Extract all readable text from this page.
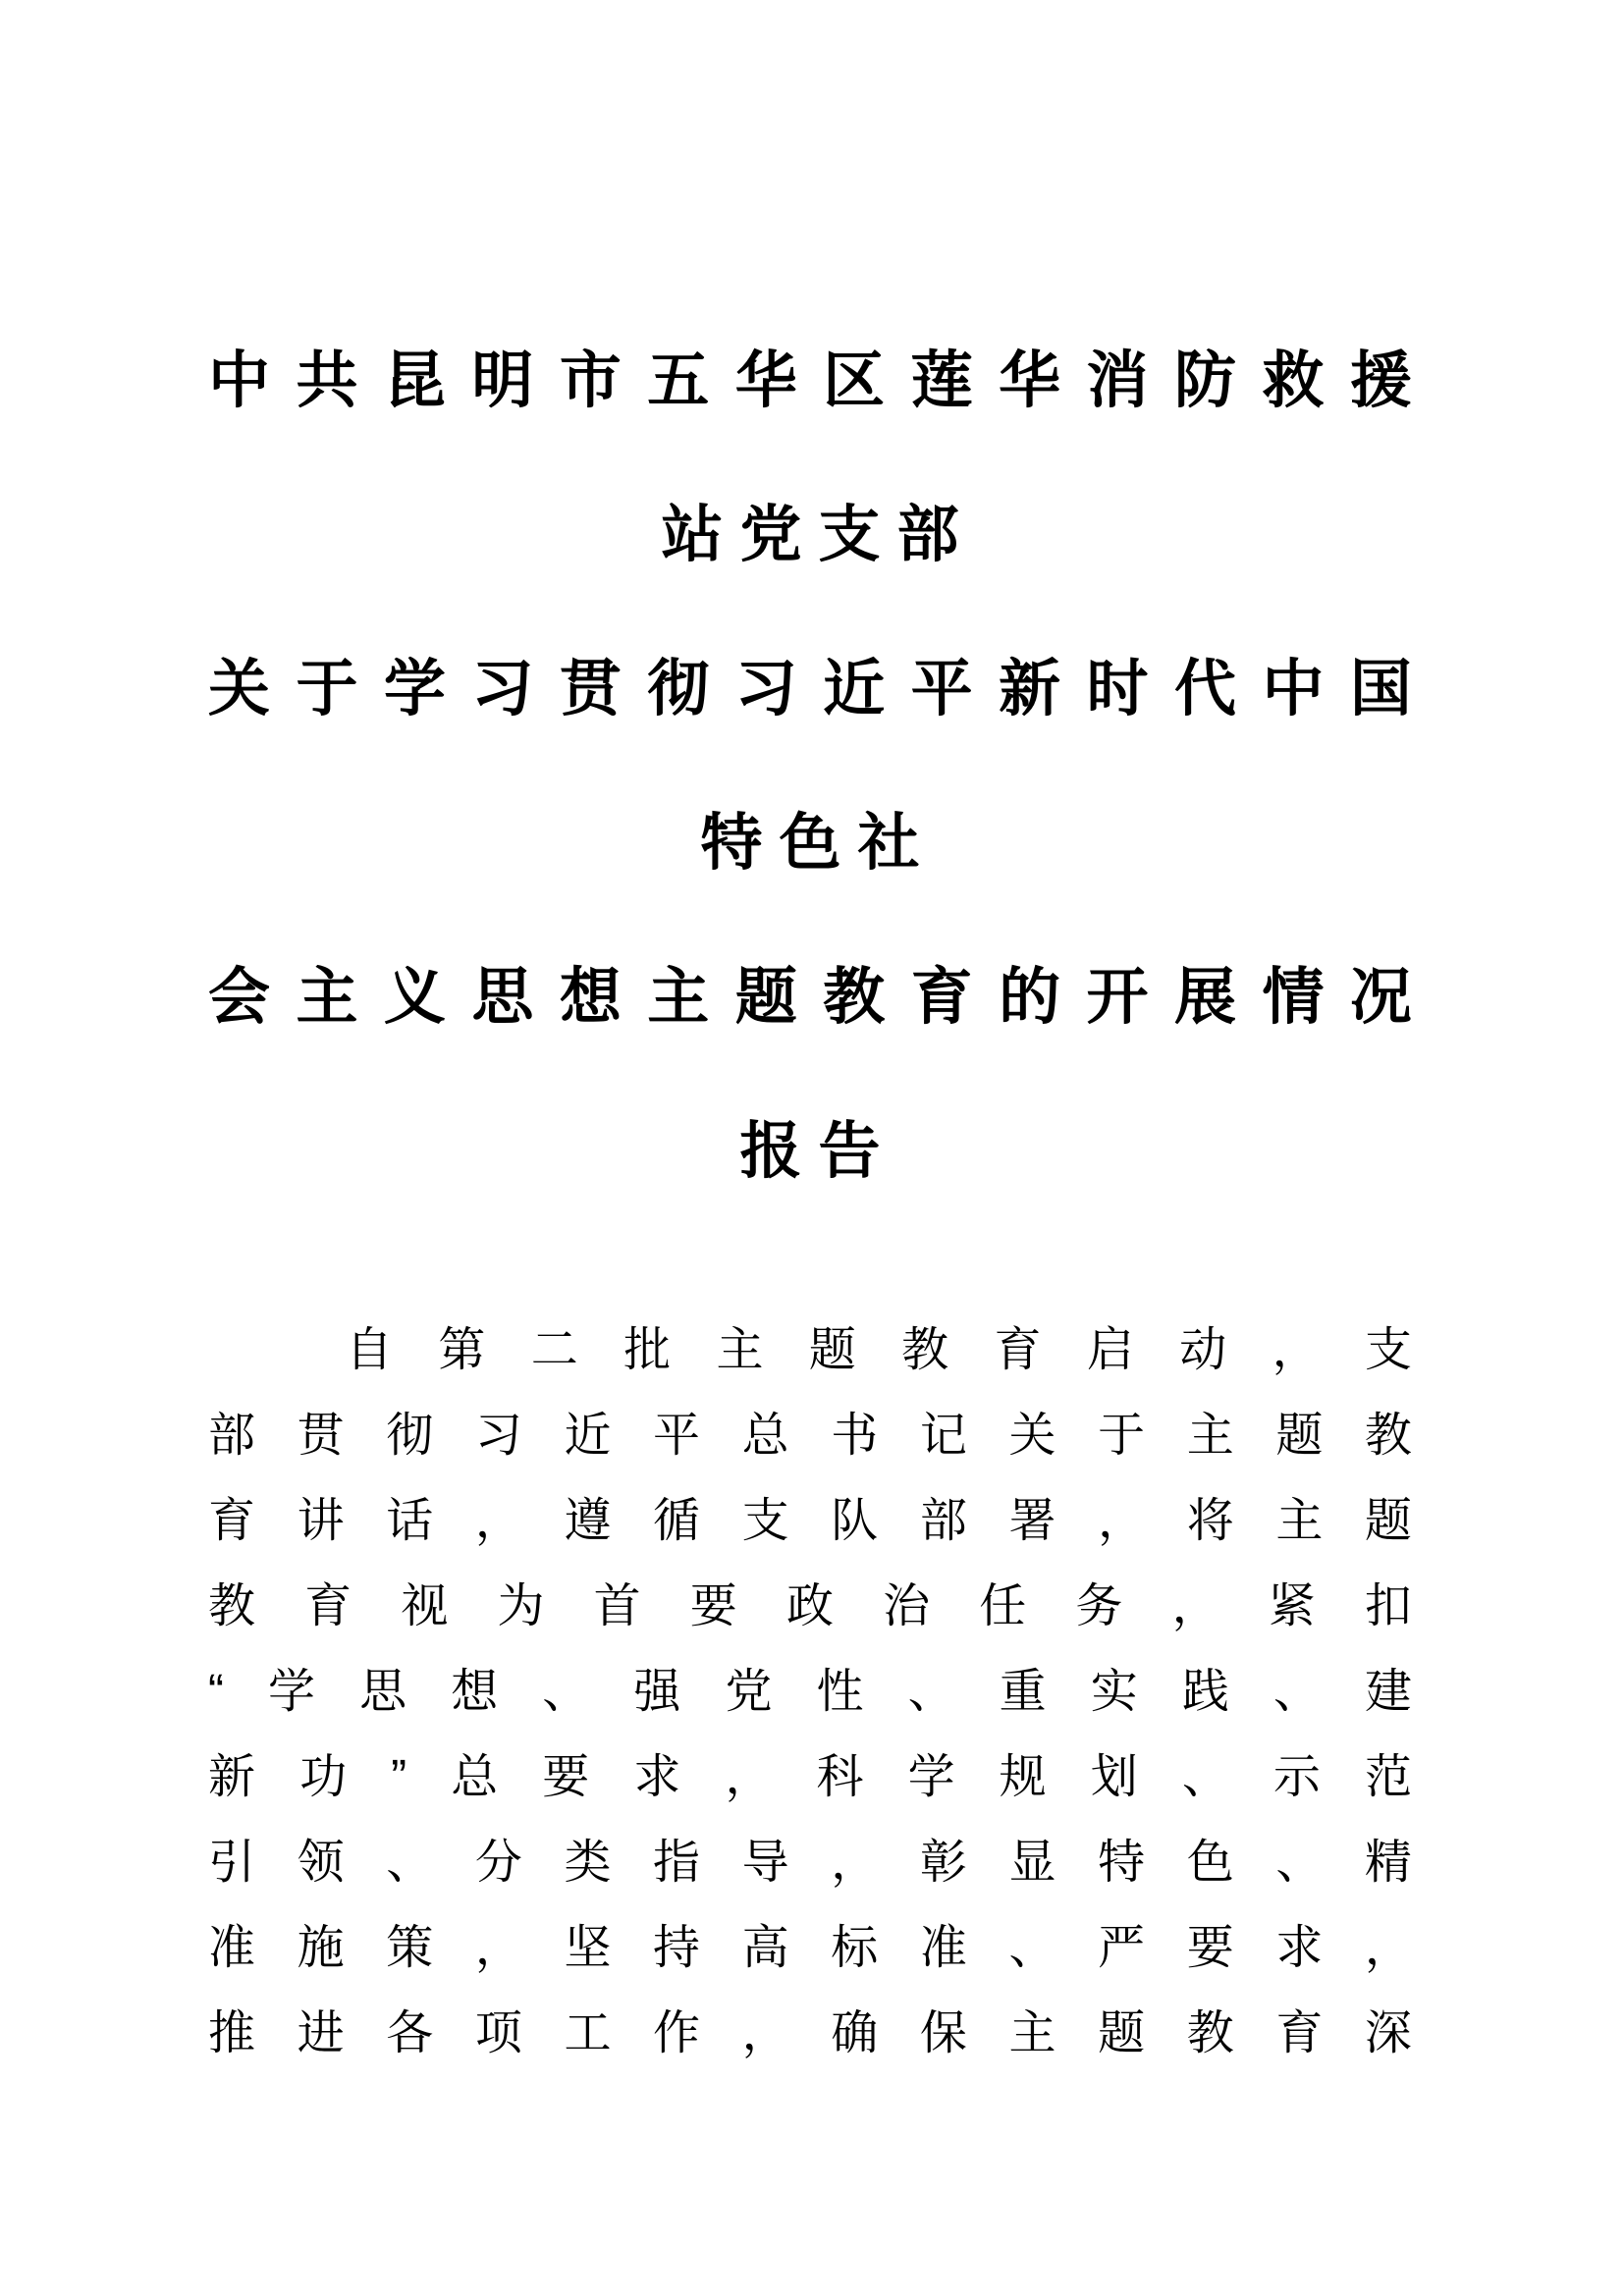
中 共 昆 明 市 五 华 区 莲 华 消 防 救 援
站党支部
关 于 学 习 贯 彻 习 近 平 新 时 代 中 国
特色社
会 主 义 思 想 主 题 教 育 的 开 展 情 况
报告
自 第 二 批 主 题 教 育 启 动 ， 支
部 贯 彻 习 近 平 总 书 记 关 于 主 题 教
育 讲 话 ， 遵 循 支 队 部 署 ， 将 主 题
教 育 视 为 首 要 政 治 任 务 ， 紧 扣
“ 学 思 想 、 强 党 性 、 重 实 践 、 建
新 功 ” 总 要 求 ， 科 学 规 划 、 示 范
引 领 、 分 类 指 导 ， 彰 显 特 色 、 精
准 施 策 ， 坚 持 高 标 准 、 严 要 求 ，
推 进 各 项 工 作 ， 确 保 主 题 教 育 深
